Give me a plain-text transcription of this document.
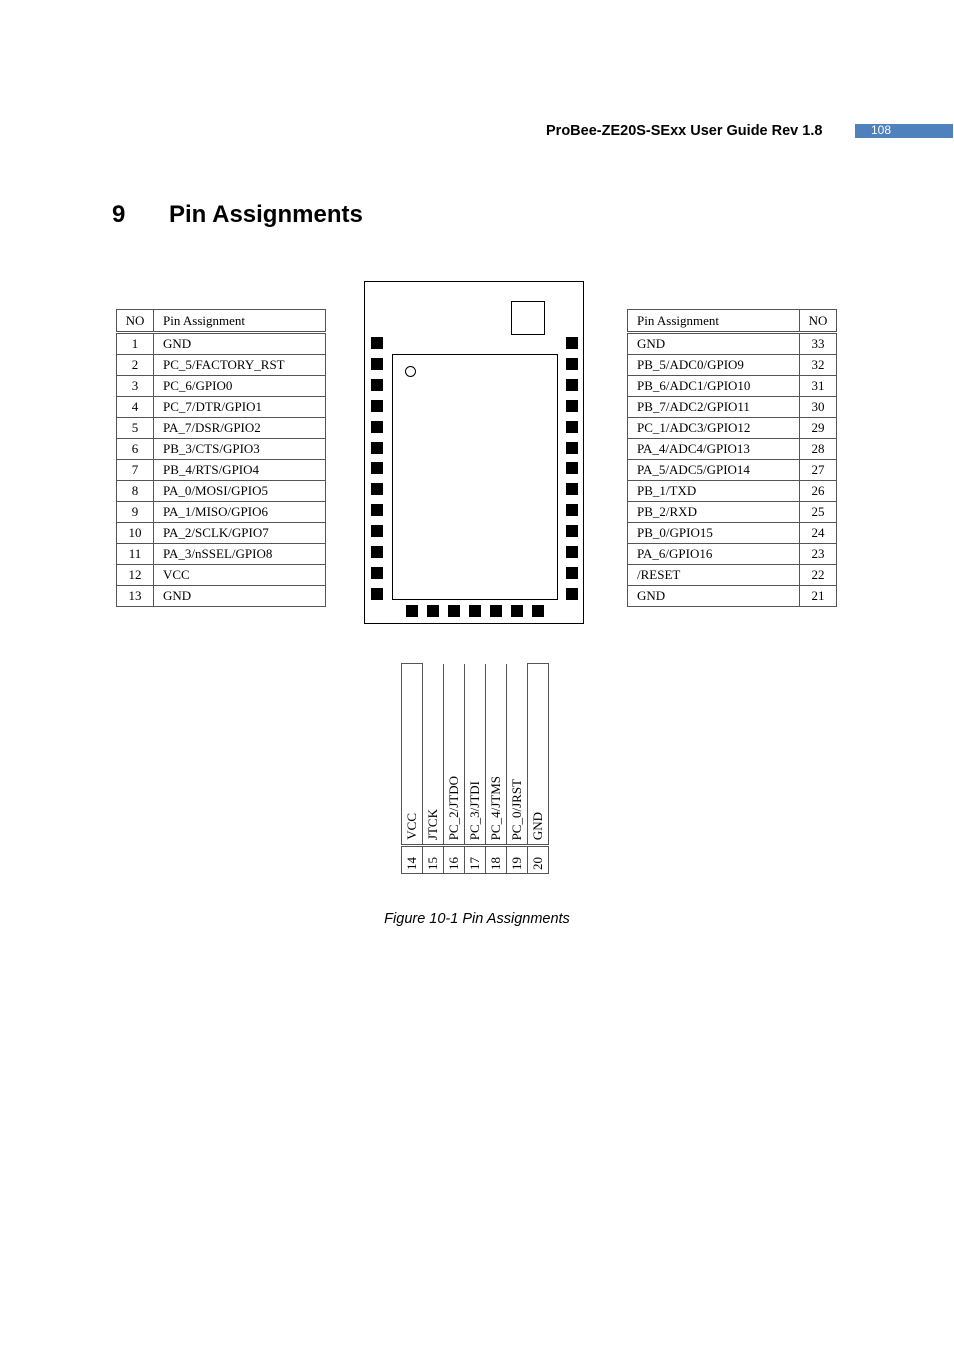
ProBee-ZE20S-SExx User Guide Rev 1.8	108
9 Pin Assignments
NO	Pin Assignment
1	GND
2	PC_5/FACTORY_RST
3	PC_6/GPIO0
4	PC_7/DTR/GPIO1
5	PA_7/DSR/GPIO2
6	PB_3/CTS/GPIO3
7	PB_4/RTS/GPIO4
8	PA_0/MOSI/GPIO5
9	PA_1/MISO/GPIO6
10	PA_2/SCLK/GPIO7
11	PA_3/nSSEL/GPIO8
12	VCC
13	GND
Pin Assignment	NO
GND	33
PB_5/ADC0/GPIO9	32
PB_6/ADC1/GPIO10	31
PB_7/ADC2/GPIO11	30
PC_1/ADC3/GPIO12	29
PA_4/ADC4/GPIO13	28
PA_5/ADC5/GPIO14	27
PB_1/TXD	26
PB_2/RXD	25
PB_0/GPIO15	24
PA_6/GPIO16	23
/RESET	22
GND	21
VCC	JTCK	PC_2/JTDO	PC_3/JTDI	PC_4/JTMS	PC_0/JRST	GND

14	15	16	17	18	19	20
Figure 10-1 Pin Assignments
